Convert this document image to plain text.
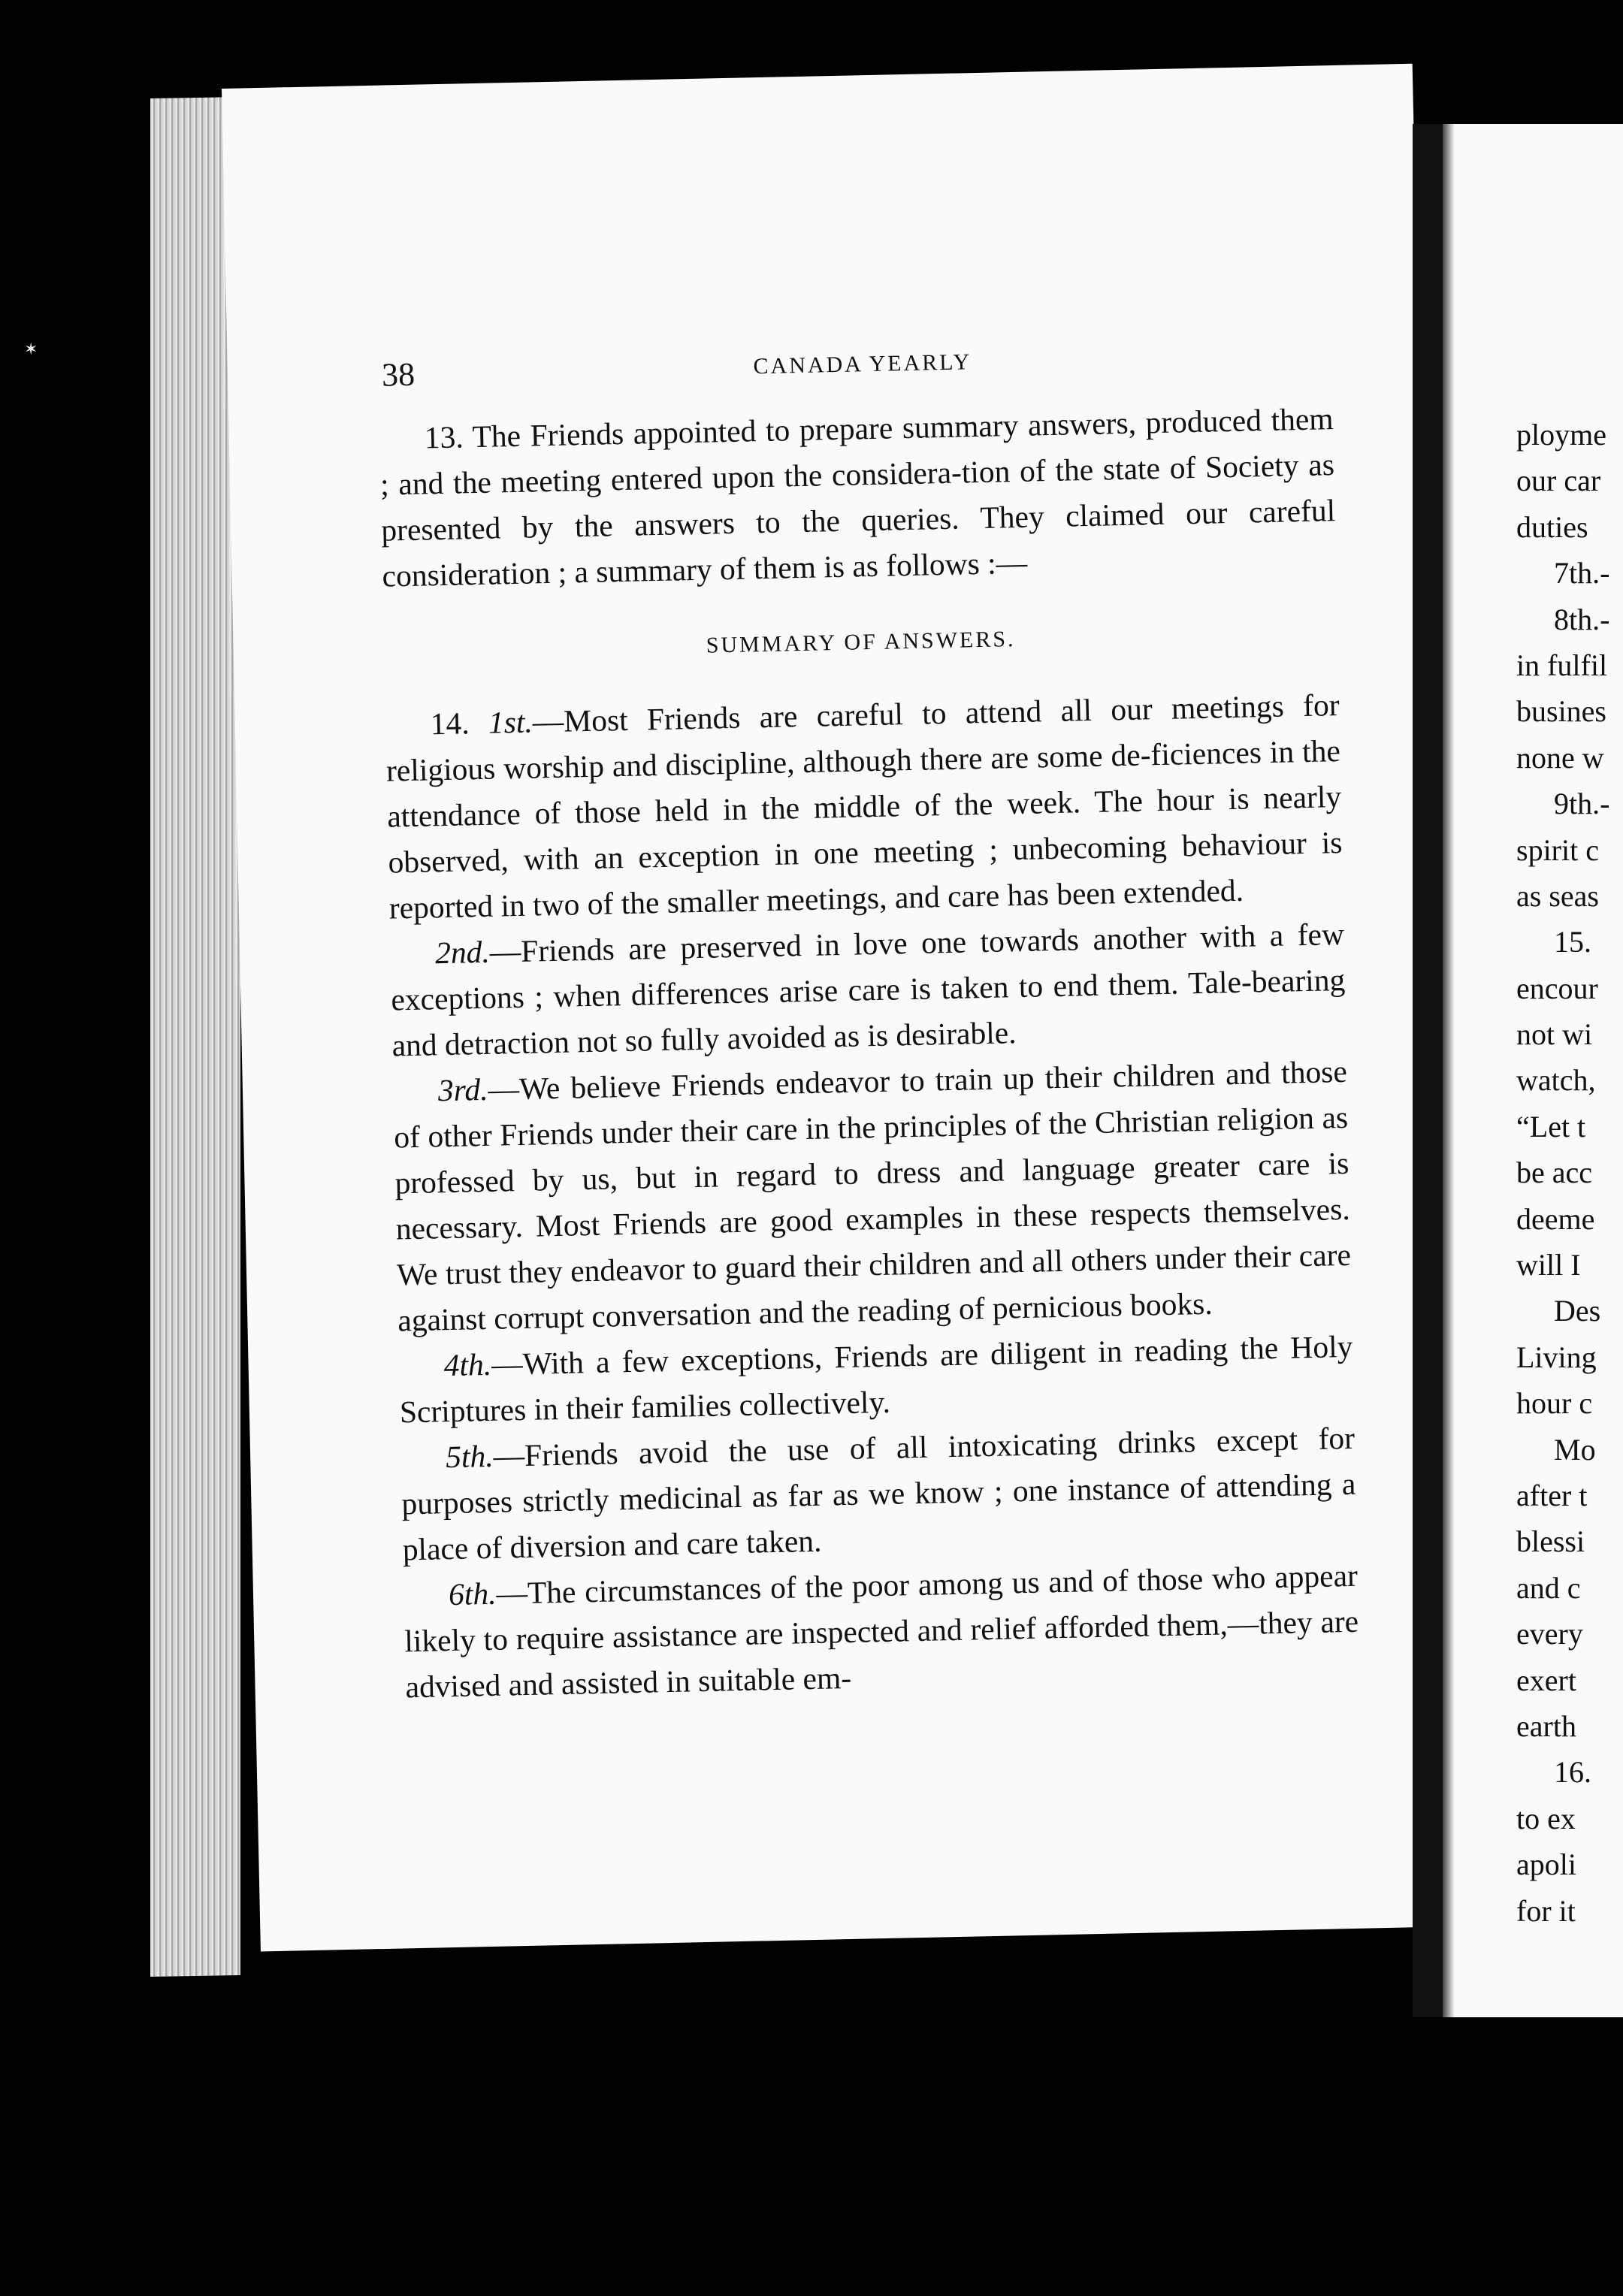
✶
38	CANADA YEARLY

13. The Friends appointed to prepare summary answers, produced them ; and the meeting entered upon the considera-tion of the state of Society as presented by the answers to the queries. They claimed our careful consideration ; a summary of them is as follows :—

SUMMARY OF ANSWERS.

14. 1st.—Most Friends are careful to attend all our meetings for religious worship and discipline, although there are some de-ficiences in the attendance of those held in the middle of the week. The hour is nearly observed, with an exception in one meeting ; unbecoming behaviour is reported in two of the smaller meetings, and care has been extended.

2nd.—Friends are preserved in love one towards another with a few exceptions ; when differences arise care is taken to end them. Tale-bearing and detraction not so fully avoided as is desirable.

3rd.—We believe Friends endeavor to train up their children and those of other Friends under their care in the principles of the Christian religion as professed by us, but in regard to dress and language greater care is necessary. Most Friends are good examples in these respects themselves. We trust they endeavor to guard their children and all others under their care against corrupt conversation and the reading of pernicious books.

4th.—With a few exceptions, Friends are diligent in reading the Holy Scriptures in their families collectively.

5th.—Friends avoid the use of all intoxicating drinks except for purposes strictly medicinal as far as we know ; one instance of attending a place of diversion and care taken.

6th.—The circumstances of the poor among us and of those who appear likely to require assistance are inspected and relief afforded them,—they are advised and assisted in suitable em-

ployme
our car
duties
7th.-
8th.-
in fulfil
busines
none w
9th.-
spirit c
as seas
15.
encour
not wi
watch,
“Let t
be acc
deeme
will I
Des
Living
hour c
Mo
after t
blessi
and c
every
exert
earth
16.
to ex
apoli
for it
